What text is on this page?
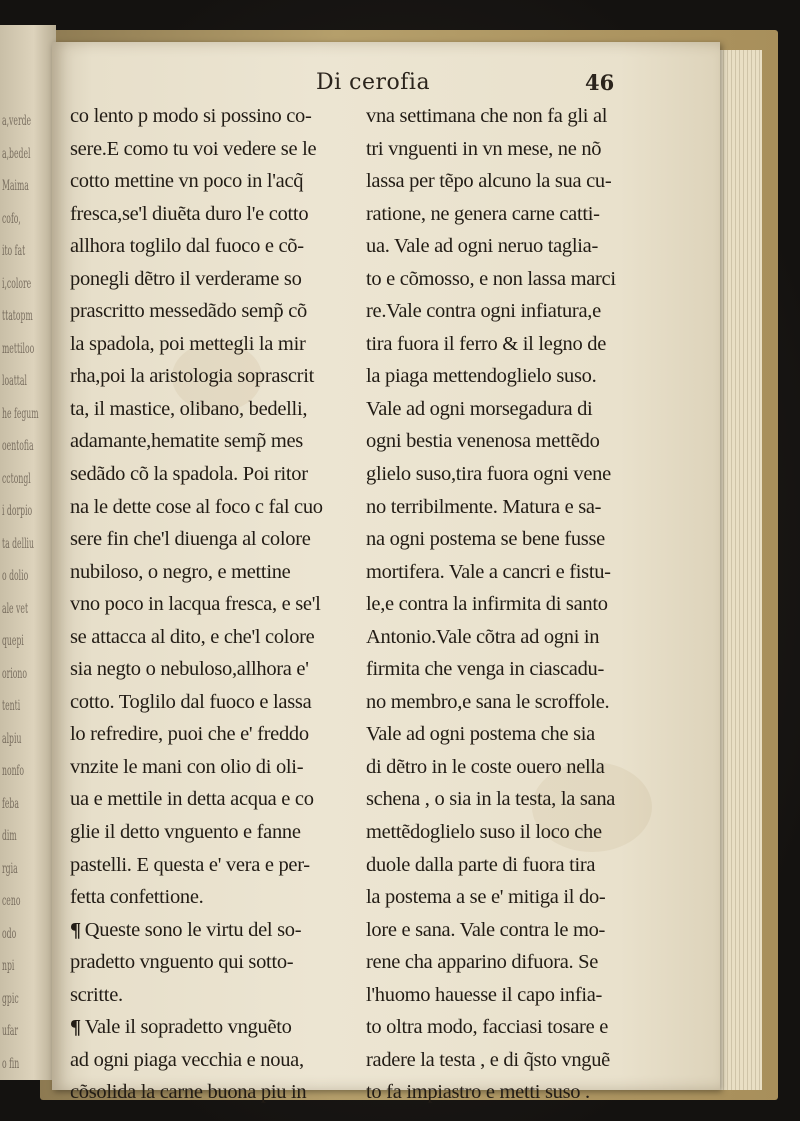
a,verde
a,bedel
Maima
cofo,
ito fat
i,colore
ttatopm
mettiloo
loattal
he fegum
oentofia
cctongl
i dorpio
ta delliu
o dolio
ale vet
quepi
oriono
tenti
alpiu
nonfo
feba
dim
rgia
ceno
odo
npi
gpic
ufar
o fin
Di cerofia	46
co lento p modo si possino co-
sere.E como tu voi vedere se le
cotto mettine vn poco in l'acq̃
fresca,se'l diuẽta duro l'e cotto
allhora toglilo dal fuoco e cõ-
ponegli dẽtro il verderame so
prascritto messedãdo semp̃ cõ
la spadola, poi mettegli la mir
rha,poi la aristologia soprascrit
ta, il mastice, olibano, bedelli,
adamante,hematite semp̃ mes
sedãdo cõ la spadola. Poi ritor
na le dette cose al foco c fal cuo
sere fin che'l diuenga al colore
nubiloso, o negro, e mettine
vno poco in lacqua fresca, e se'l
se attacca al dito, e che'l colore
sia negto o nebuloso,allhora e'
cotto. Toglilo dal fuoco e lassa
lo refredire, puoi che e' freddo
vnzite le mani con olio di oli-
ua e mettile in detta acqua e co
glie il detto vnguento e fanne
pastelli. E questa e' vera e per-
fetta confettione.
¶ Queste sono le virtu del so-
pradetto vnguento qui sotto-
scritte.
¶ Vale il sopradetto vnguẽto
ad ogni piaga vecchia e noua,
cõsolida la carne buona piu in
vna settimana che non fa gli al
tri vnguenti in vn mese, ne nõ
lassa per tẽpo alcuno la sua cu-
ratione, ne genera carne catti-
ua. Vale ad ogni neruo taglia-
to e cõmosso, e non lassa marci
re.Vale contra ogni infiatura,e
tira fuora il ferro & il legno de
la piaga mettendoglielo suso.
Vale ad ogni morsegadura di
ogni bestia venenosa mettẽdo
glielo suso,tira fuora ogni vene
no terribilmente. Matura e sa-
na ogni postema se bene fusse
mortifera. Vale a cancri e fistu-
le,e contra la infirmita di santo
Antonio.Vale cõtra ad ogni in
firmita che venga in ciascadu-
no membro,e sana le scroffole.
Vale ad ogni postema che sia
di dẽtro in le coste ouero nella
schena , o sia in la testa, la sana
mettẽdoglielo suso il loco che
duole dalla parte di fuora tira
la postema a se e' mitiga il do-
lore e sana. Vale contra le mo-
rene cha apparino difuora. Se
l'huomo hauesse il capo infia-
to oltra modo, facciasi tosare e
radere la testa , e di q̃sto vnguẽ
to fa impiastro e metti suso .
